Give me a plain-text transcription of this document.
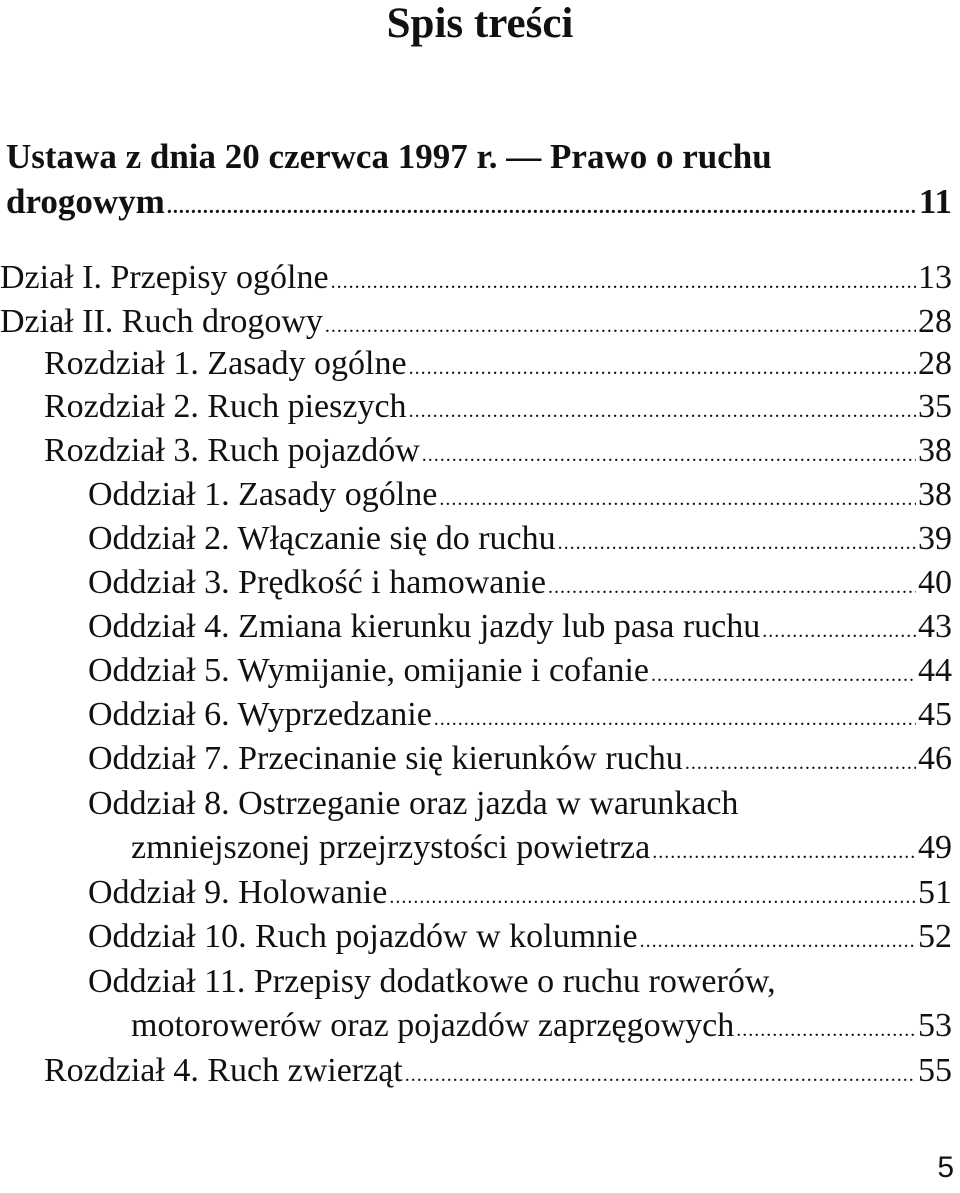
Spis treści
Ustawa z dnia 20 czerwca 1997 r. — Prawo o ruchu
drogowym .....	11
Dział I. Przepisy ogólne .....	13
Dział II. Ruch drogowy .....	28
Rozdział 1. Zasady ogólne .....	28
Rozdział 2. Ruch pieszych .....	35
Rozdział 3. Ruch pojazdów .....	38
Oddział 1. Zasady ogólne .....	38
Oddział 2. Włączanie się do ruchu .....	39
Oddział 3. Prędkość i hamowanie .....	40
Oddział 4. Zmiana kierunku jazdy lub pasa ruchu .....	43
Oddział 5. Wymijanie, omijanie i cofanie .....	44
Oddział 6. Wyprzedzanie .....	45
Oddział 7. Przecinanie się kierunków ruchu .....	46
Oddział 8. Ostrzeganie oraz jazda w warunkach
zmniejszonej przejrzystości powietrza .....	49
Oddział 9. Holowanie .....	51
Oddział 10. Ruch pojazdów w kolumnie .....	52
Oddział 11. Przepisy dodatkowe o ruchu rowerów,
motorowerów oraz pojazdów zaprzęgowych .....	53
Rozdział 4. Ruch zwierząt .....	55
5
